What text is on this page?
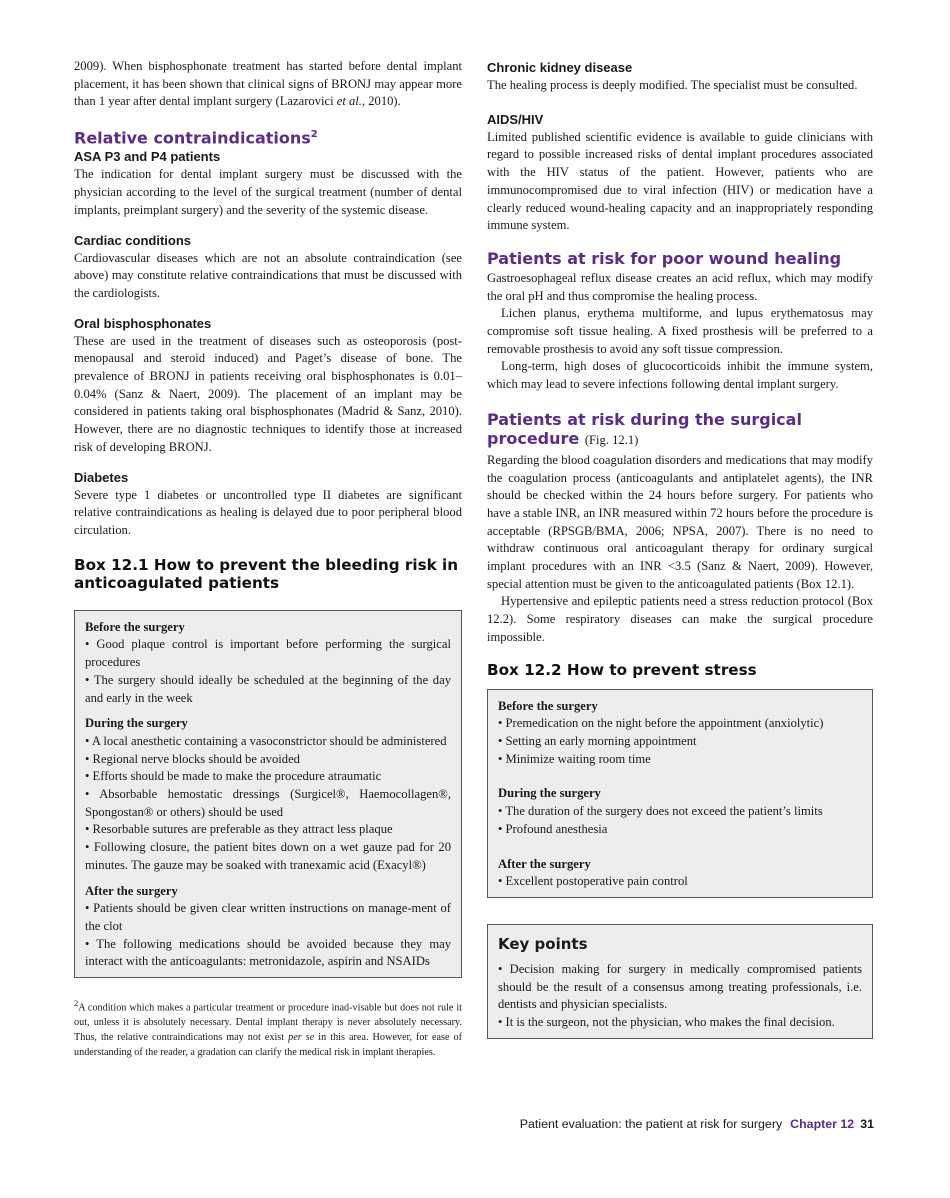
2009). When bisphosphonate treatment has started before dental implant placement, it has been shown that clinical signs of BRONJ may appear more than 1 year after dental implant surgery (Lazarovici et al., 2010).

Relative contraindications$^2$
ASA P3 and P4 patients

The indication for dental implant surgery must be discussed with the physician according to the level of the surgical treatment (number of dental implants, preimplant surgery) and the severity of the systemic disease.

Cardiac conditions

Cardiovascular diseases which are not an absolute contraindication (see above) may constitute relative contraindications that must be discussed with the cardiologists.

Oral bisphosphonates

These are used in the treatment of diseases such as osteoporosis (post-menopausal and steroid induced) and Paget’s disease of bone. The prevalence of BRONJ in patients receiving oral bisphosphonates is 0.01–0.04% (Sanz & Naert, 2009). The placement of an implant may be considered in patients taking oral bisphosphonates (Madrid & Sanz, 2010). However, there are no diagnostic techniques to identify those at increased risk of developing BRONJ.

Diabetes

Severe type 1 diabetes or uncontrolled type II diabetes are significant relative contraindications as healing is delayed due to poor peripheral blood circulation.

Box 12.1 How to prevent the bleeding risk in anticoagulated patients

Before the surgery

• Good plaque control is important before performing the surgical procedures

• The surgery should ideally be scheduled at the beginning of the day and early in the week

During the surgery

• A local anesthetic containing a vasoconstrictor should be administered

• Regional nerve blocks should be avoided

• Efforts should be made to make the procedure atraumatic

• Absorbable hemostatic dressings (Surgicel®, Haemocollagen®, Spongostan® or others) should be used

• Resorbable sutures are preferable as they attract less plaque

• Following closure, the patient bites down on a wet gauze pad for 20 minutes. The gauze may be soaked with tranexamic acid (Exacyl®)

After the surgery

• Patients should be given clear written instructions on manage-ment of the clot

• The following medications should be avoided because they may interact with the anticoagulants: metronidazole, aspirin and NSAIDs

$^2$A condition which makes a particular treatment or procedure inad-visable but does not rule it out, unless it is absolutely necessary. Dental implant therapy is never absolutely necessary. Thus, the relative contraindications may not exist per se in this area. However, for ease of understanding of the reader, a gradation can clarify the medical risk in implant therapies.

Chronic kidney disease

The healing process is deeply modified. The specialist must be consulted.

AIDS/HIV

Limited published scientific evidence is available to guide clinicians with regard to possible increased risks of dental implant procedures associated with the HIV status of the patient. However, patients who are immunocompromised due to viral infection (HIV) or medication have a clearly reduced wound-healing capacity and an inappropriately responding immune system.

Patients at risk for poor wound healing

Gastroesophageal reflux disease creates an acid reflux, which may modify the oral pH and thus compromise the healing process.

Lichen planus, erythema multiforme, and lupus erythematosus may compromise soft tissue healing. A fixed prosthesis will be preferred to a removable prosthesis to avoid any soft tissue compression.

Long-term, high doses of glucocorticoids inhibit the immune system, which may lead to severe infections following dental implant surgery.

Patients at risk during the surgical procedure (Fig. 12.1)

Regarding the blood coagulation disorders and medications that may modify the coagulation process (anticoagulants and antiplatelet agents), the INR should be checked within the 24 hours before surgery. For patients who have a stable INR, an INR measured within 72 hours before the procedure is acceptable (RPSGB/BMA, 2006; NPSA, 2007). There is no need to withdraw continuous oral anticoagulant therapy for ordinary surgical implant procedures with an INR <3.5 (Sanz & Naert, 2009). However, special attention must be given to the anticoagulated patients (Box 12.1).

Hypertensive and epileptic patients need a stress reduction protocol (Box 12.2). Some respiratory diseases can make the surgical procedure impossible.

Box 12.2 How to prevent stress

Before the surgery

• Premedication on the night before the appointment (anxiolytic)

• Setting an early morning appointment

• Minimize waiting room time

During the surgery

• The duration of the surgery does not exceed the patient’s limits

• Profound anesthesia

After the surgery

• Excellent postoperative pain control

Key points

• Decision making for surgery in medically compromised patients should be the result of a consensus among treating professionals, i.e. dentists and physician specialists.

• It is the surgeon, not the physician, who makes the final decision.

Patient evaluation: the patient at risk for surgery Chapter 12 31
